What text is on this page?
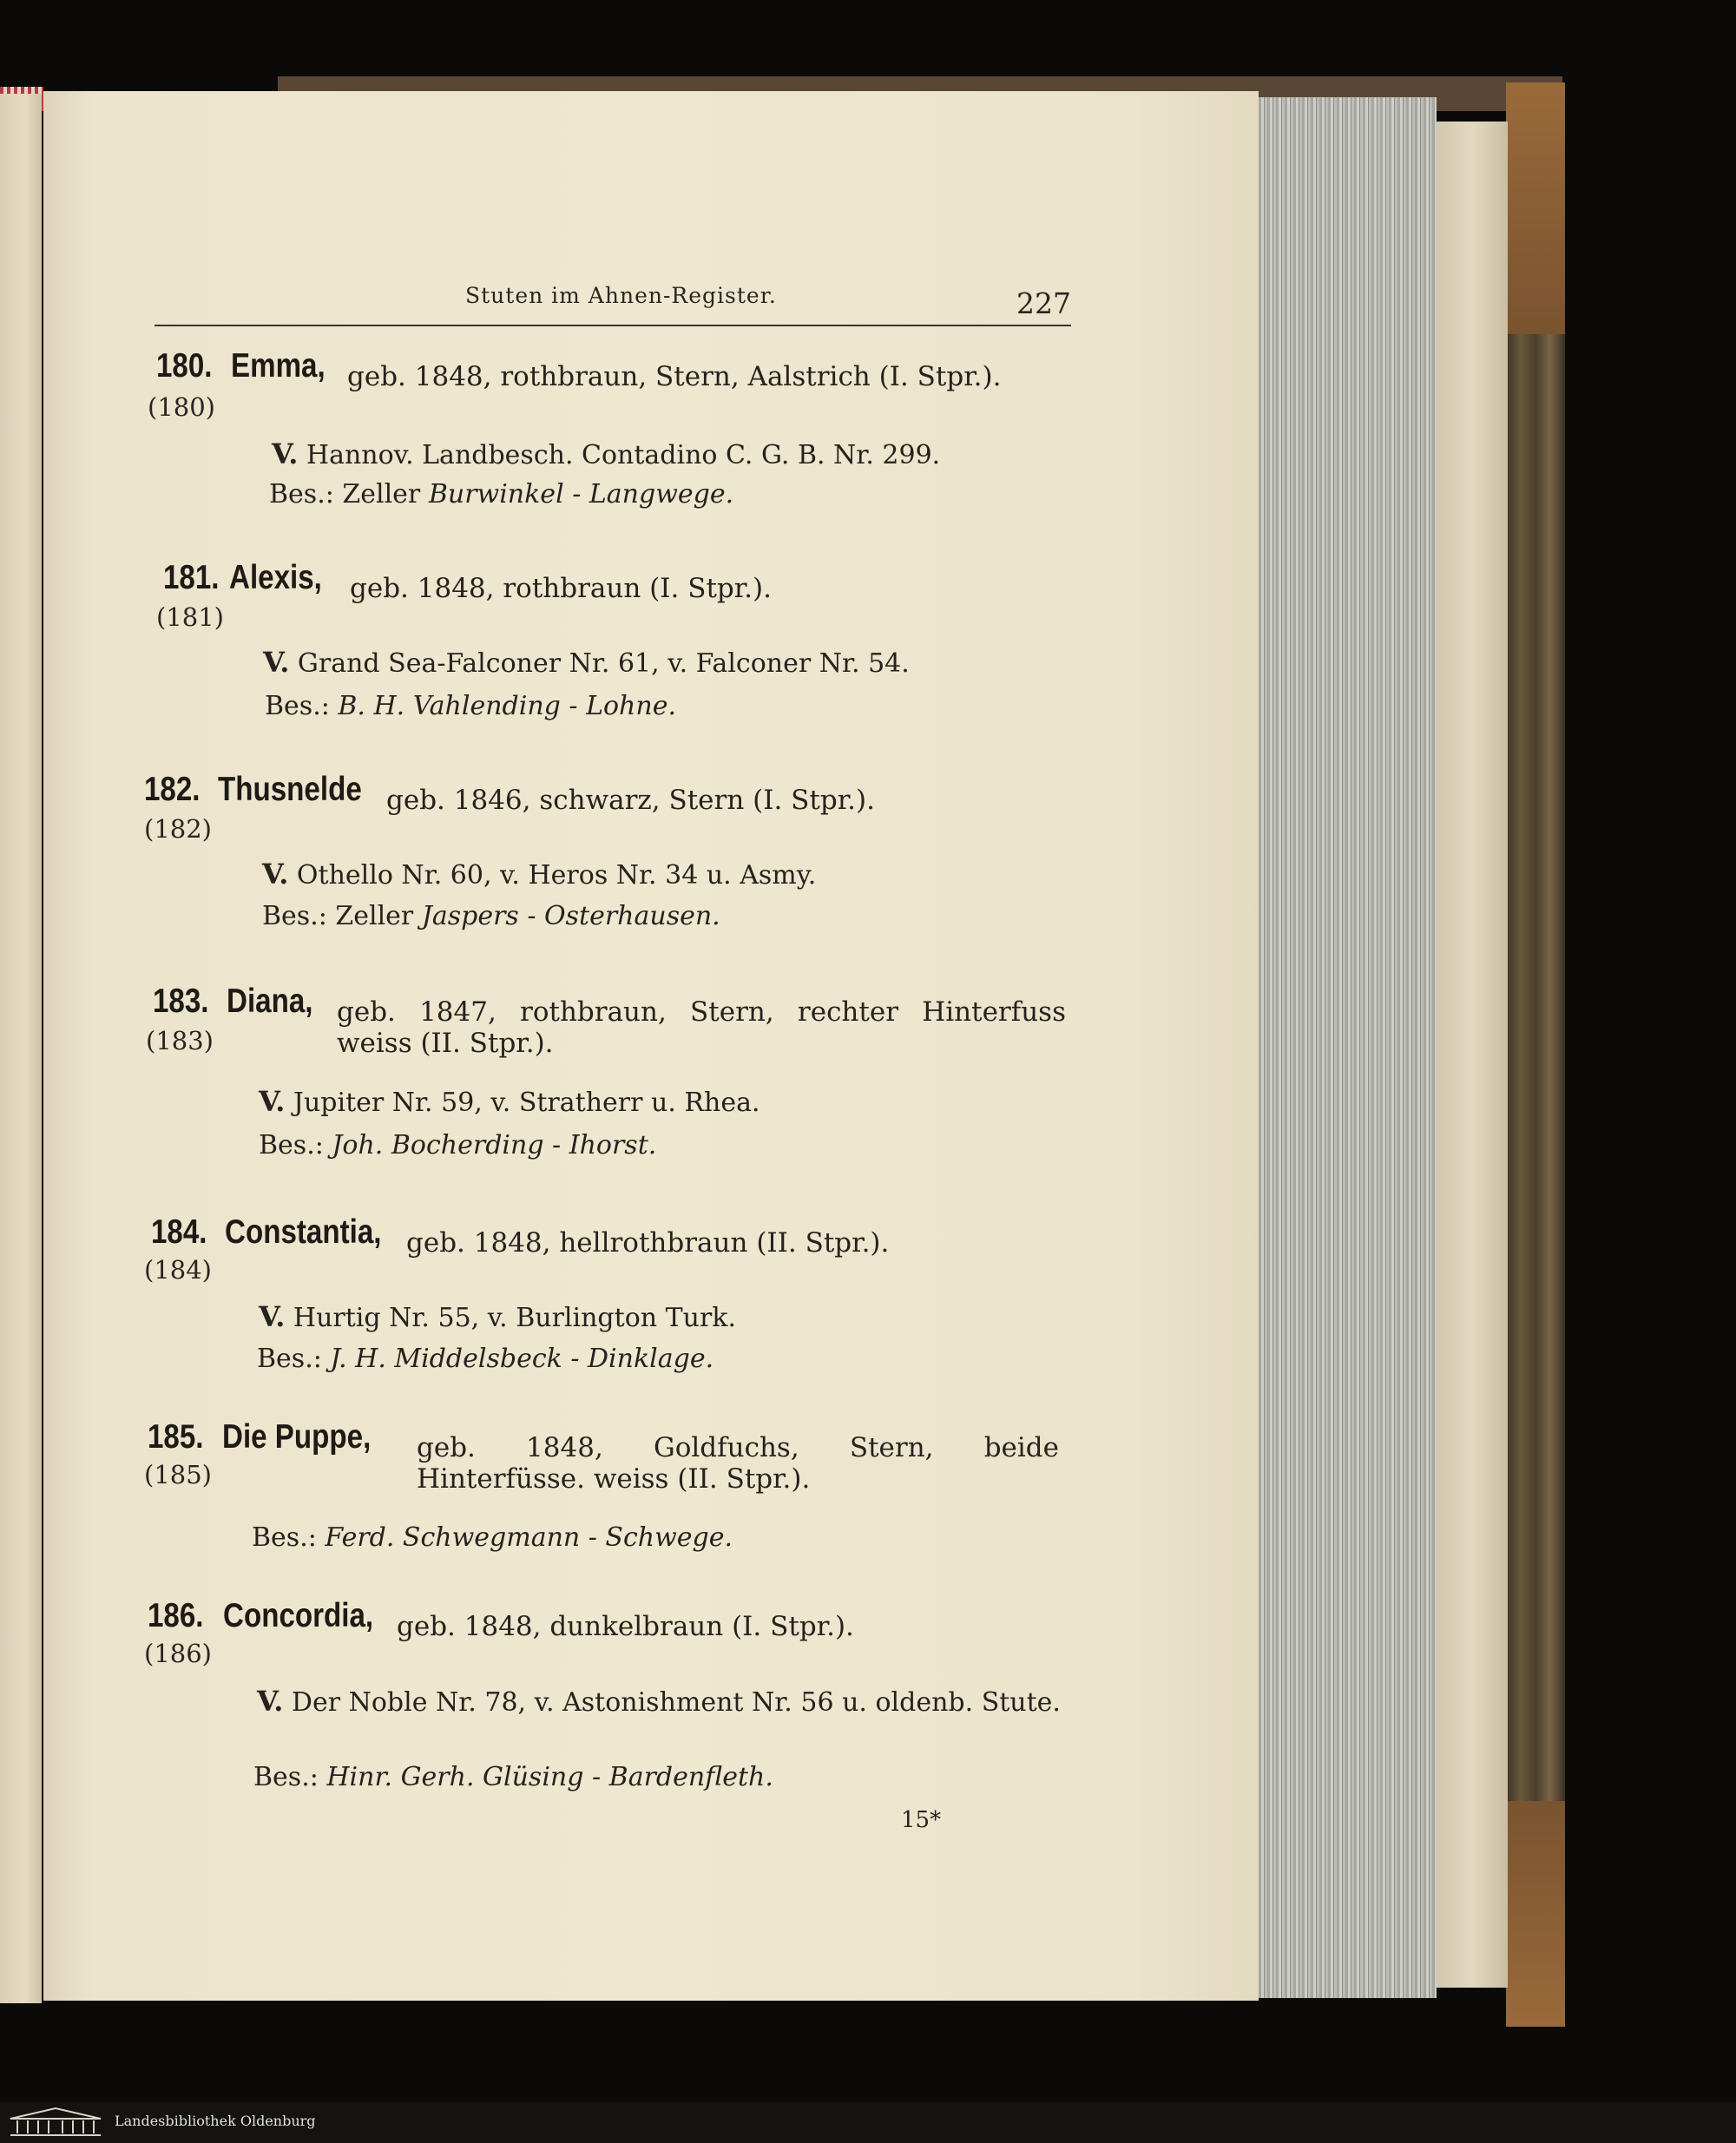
Stuten im Ahnen-Register.	227
180. Emma, geb. 1848, rothbraun, Stern, Aalstrich (I. Stpr.).
(180)
V. Hannov. Landbesch. Contadino C. G. B. Nr. 299.
Bes.: Zeller Burwinkel - Langwege.
181. Alexis, geb. 1848, rothbraun (I. Stpr.).
(181)
V. Grand Sea-Falconer Nr. 61, v. Falconer Nr. 54.
Bes.: B. H. Vahlending - Lohne.
182. Thusnelde geb. 1846, schwarz, Stern (I. Stpr.).
(182)
V. Othello Nr. 60, v. Heros Nr. 34 u. Asmy.
Bes.: Zeller Jaspers - Osterhausen.
183. Diana, geb. 1847, rothbraun, Stern, rechter Hinterfuss weiss (II. Stpr.).
(183)
V. Jupiter Nr. 59, v. Stratherr u. Rhea.
Bes.: Joh. Bocherding - Ihorst.
184. Constantia, geb. 1848, hellrothbraun (II. Stpr.).
(184)
V. Hurtig Nr. 55, v. Burlington Turk.
Bes.: J. H. Middelsbeck - Dinklage.
185. Die Puppe, geb. 1848, Goldfuchs, Stern, beide Hinterfüsse. weiss (II. Stpr.).
(185)
Bes.: Ferd. Schwegmann - Schwege.
186. Concordia, geb. 1848, dunkelbraun (I. Stpr.).
(186)
V. Der Noble Nr. 78, v. Astonishment Nr. 56 u. oldenb. Stute.
Bes.: Hinr. Gerh. Glüsing - Bardenfleth.
15*
Landesbibliothek Oldenburg
